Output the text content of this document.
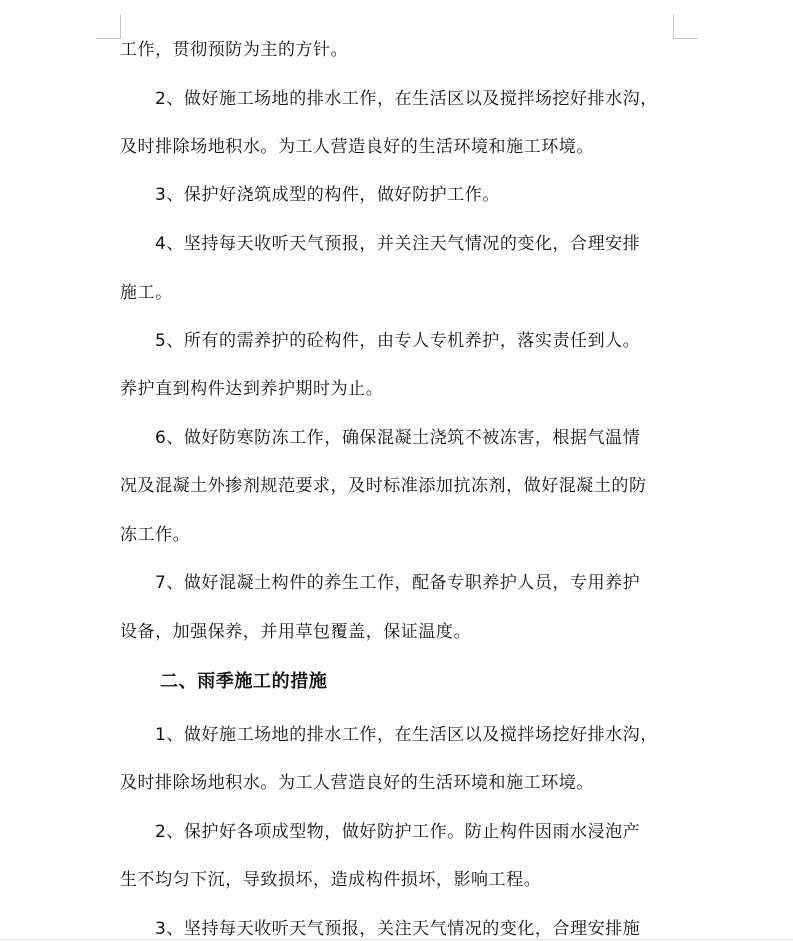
工作，贯彻预防为主的方针。
2、做好施工场地的排水工作，在生活区以及搅拌场挖好排水沟，
及时排除场地积水。为工人营造良好的生活环境和施工环境。
3、保护好浇筑成型的构件，做好防护工作。
4、坚持每天收听天气预报，并关注天气情况的变化，合理安排
施工。
5、所有的需养护的砼构件，由专人专机养护，落实责任到人。
养护直到构件达到养护期时为止。
6、做好防寒防冻工作，确保混凝土浇筑不被冻害，根据气温情
况及混凝土外掺剂规范要求，及时标准添加抗冻剂，做好混凝土的防
冻工作。
7、做好混凝土构件的养生工作，配备专职养护人员，专用养护
设备，加强保养，并用草包覆盖，保证温度。
二、雨季施工的措施
1、做好施工场地的排水工作，在生活区以及搅拌场挖好排水沟，
及时排除场地积水。为工人营造良好的生活环境和施工环境。
2、保护好各项成型物，做好防护工作。防止构件因雨水浸泡产
生不均匀下沉，导致损坏，造成构件损坏，影响工程。
3、坚持每天收听天气预报，关注天气情况的变化，合理安排施
